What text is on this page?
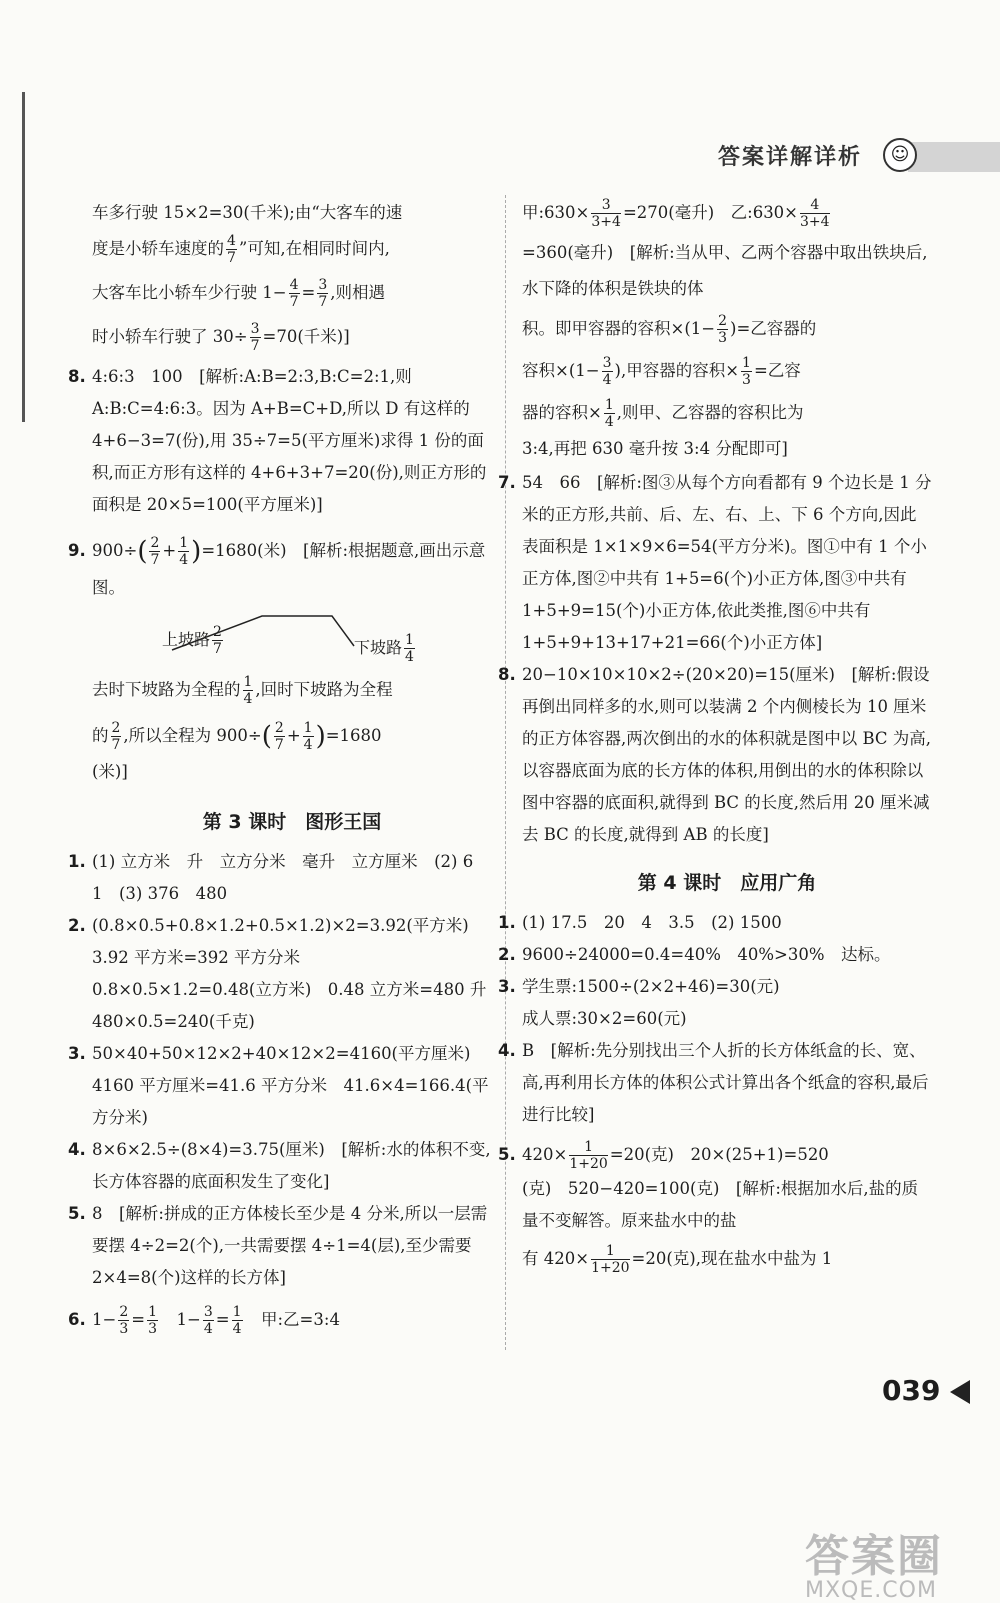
答案详解详析	☺

车多行驶 15×2=30(千米);由“大客车的速

度是小轿车速度的 $\frac{4}{7}$ ”可知,在相同时间内,

大客车比小轿车少行驶 $1- \frac{4}{7} = \frac{3}{7}$ ,则相遇

时小轿车行驶了 $30\div \frac{3}{7} =70$(千米)]

8. 4:6:3　100　[解析:A:B=2:3,B:C=2:1,则 A:B:C=4:6:3。因为 A+B=C+D,所以 D 有这样的 4+6−3=7(份),用 35÷7=5(平方厘米)求得 1 份的面积,而正方形有这样的 4+6+3+7=20(份),则正方形的面积是 20×5=100(平方厘米)]

9. $900\div( \frac{2}{7} + \frac{1}{4} )=1680$(米)　[解析:根据题意,画出示意图。

上坡路 $\frac{2}{7}$	下坡路 $\frac{1}{4}$

去时下坡路为全程的 $\frac{1}{4}$ ,回时下坡路为全程

的 $\frac{2}{7}$ ,所以全程为 $900\div( \frac{2}{7} + \frac{1}{4} )=1680$

(米)]

第 3 课时　图形王国

1. (1) 立方米　升　立方分米　毫升　立方厘米　(2) 6　1　(3) 376　480

2. (0.8×0.5+0.8×1.2+0.5×1.2)×2=3.92(平方米)　3.92 平方米=392 平方分米　0.8×0.5×1.2=0.48(立方米)　0.48 立方米=480 升　480×0.5=240(千克)

3. 50×40+50×12×2+40×12×2=4160(平方厘米)　4160 平方厘米=41.6 平方分米　41.6×4=166.4(平方分米)

4. 8×6×2.5÷(8×4)=3.75(厘米)　[解析:水的体积不变,长方体容器的底面积发生了变化]

5. 8　[解析:拼成的正方体棱长至少是 4 分米,所以一层需要摆 4÷2=2(个),一共需要摆 4÷1=4(层),至少需要 2×4=8(个)这样的长方体]

6. $1- \frac{2}{3} = \frac{1}{3}$ 　$1- \frac{3}{4} = \frac{1}{4}$ 　甲:乙=3:4

甲:630× $\frac{3}{3+4} =270$(毫升)　乙:630× $\frac{4}{3+4}$

=360(毫升)　[解析:当从甲、乙两个容器中取出铁块后,水下降的体积是铁块的体

积。即甲容器的容积$\times(1- \frac{2}{3}$ )=乙容器的

容积$\times(1- \frac{3}{4}$ ),甲容器的容积× $\frac{1}{3}$ =乙容

器的容积× $\frac{1}{4}$ ,则甲、乙容器的容积比为

3:4,再把 630 毫升按 3:4 分配即可]

7. 54　66　[解析:图③从每个方向看都有 9 个边长是 1 分米的正方形,共前、后、左、右、上、下 6 个方向,因此表面积是 1×1×9×6=54(平方分米)。图①中有 1 个小正方体,图②中共有 1+5=6(个)小正方体,图③中共有 1+5+9=15(个)小正方体,依此类推,图⑥中共有 1+5+9+13+17+21=66(个)小正方体]

8. 20−10×10×10×2÷(20×20)=15(厘米)　[解析:假设再倒出同样多的水,则可以装满 2 个内侧棱长为 10 厘米的正方体容器,两次倒出的水的体积就是图中以 BC 为高,以容器底面为底的长方体的体积,用倒出的水的体积除以图中容器的底面积,就得到 BC 的长度,然后用 20 厘米减去 BC 的长度,就得到 AB 的长度]

第 4 课时　应用广角

1. (1) 17.5　20　4　3.5　(2) 1500

2. 9600÷24000=0.4=40%　40%>30%　达标。

3. 学生票:1500÷(2×2+46)=30(元)

成人票:30×2=60(元)

4. B　[解析:先分别找出三个人折的长方体纸盒的长、宽、高,再利用长方体的体积公式计算出各个纸盒的容积,最后进行比较]

5. $420\times \frac{1}{1+20} =20$(克)　20×(25+1)=520

(克)　520−420=100(克)　[解析:根据加水后,盐的质量不变解答。原来盐水中的盐

有 $420\times \frac{1}{1+20} =20$(克),现在盐水中盐为 1

039
答案圈
MXQE.COM
